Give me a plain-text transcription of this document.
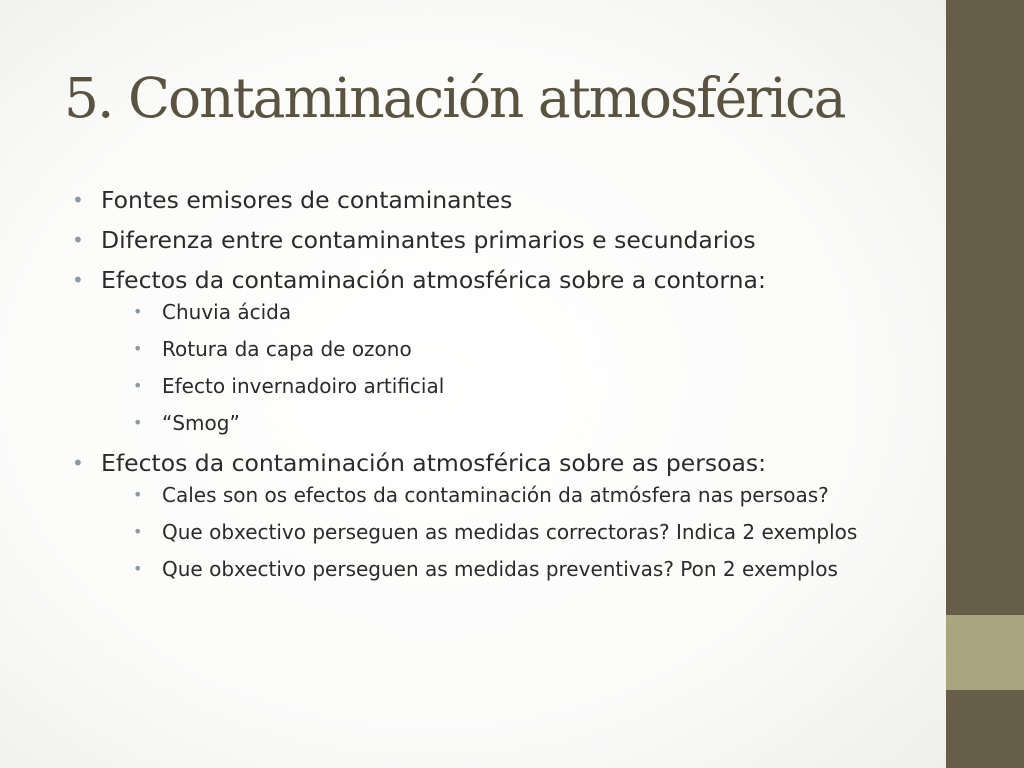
5. Contaminación atmosférica
• Fontes emisores de contaminantes
• Diferenza entre contaminantes primarios e secundarios
• Efectos da contaminación atmosférica sobre a contorna:
• Chuvia ácida
• Rotura da capa de ozono
• Efecto invernadoiro artificial
• “Smog”
• Efectos da contaminación atmosférica sobre as persoas:
• Cales son os efectos da contaminación da atmósfera nas persoas?
• Que obxectivo perseguen as medidas correctoras? Indica 2 exemplos
• Que obxectivo perseguen as medidas preventivas? Pon 2 exemplos
